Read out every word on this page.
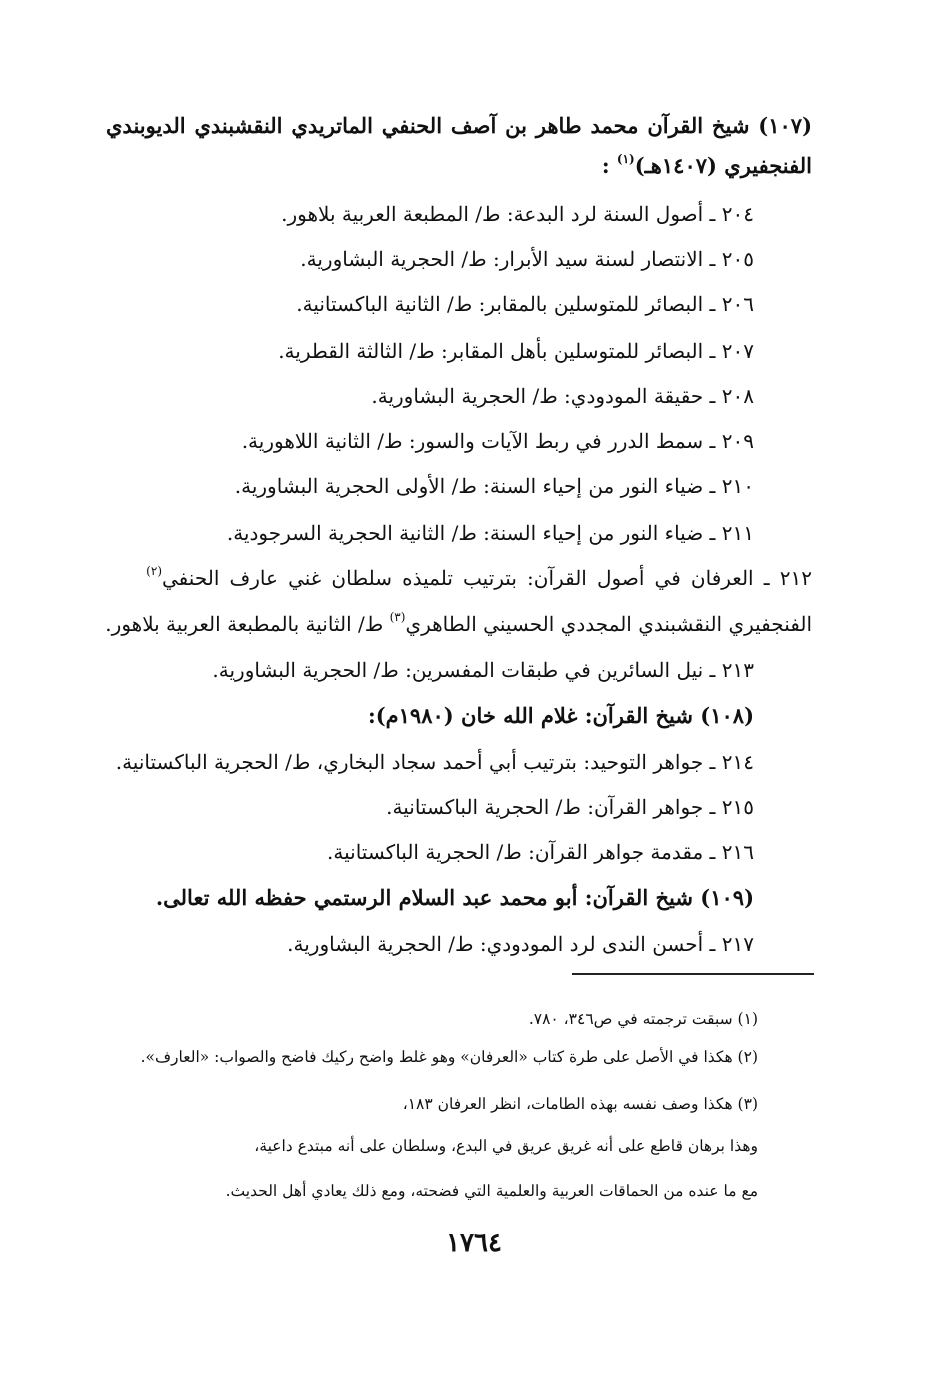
(١٠٧) شيخ القرآن محمد طاهر بن آصف الحنفي الماتريدي النقشبندي الديوبندي
الفنجفيري (١٤٠٧هـ)$^{(١)}$ :
٢٠٤ ـ أصول السنة لرد البدعة: ط/ المطبعة العربية بلاهور.
٢٠٥ ـ الانتصار لسنة سيد الأبرار: ط/ الحجرية البشاورية.
٢٠٦ ـ البصائر للمتوسلين بالمقابر: ط/ الثانية الباكستانية.
٢٠٧ ـ البصائر للمتوسلين بأهل المقابر: ط/ الثالثة القطرية.
٢٠٨ ـ حقيقة المودودي: ط/ الحجرية البشاورية.
٢٠٩ ـ سمط الدرر في ربط الآيات والسور: ط/ الثانية اللاهورية.
٢١٠ ـ ضياء النور من إحياء السنة: ط/ الأولى الحجرية البشاورية.
٢١١ ـ ضياء النور من إحياء السنة: ط/ الثانية الحجرية السرجودية.
٢١٢ ـ العرفان في أصول القرآن: بترتيب تلميذه سلطان غني عارف الحنفي$^{(٢)}$
الفنجفيري النقشبندي المجددي الحسيني الطاهري$^{(٣)}$ ط/ الثانية بالمطبعة العربية بلاهور.
٢١٣ ـ نيل السائرين في طبقات المفسرين: ط/ الحجرية البشاورية.
(١٠٨) شيخ القرآن: غلام الله خان (١٩٨٠م):
٢١٤ ـ جواهر التوحيد: بترتيب أبي أحمد سجاد البخاري، ط/ الحجرية الباكستانية.
٢١٥ ـ جواهر القرآن: ط/ الحجرية الباكستانية.
٢١٦ ـ مقدمة جواهر القرآن: ط/ الحجرية الباكستانية.
(١٠٩) شيخ القرآن: أبو محمد عبد السلام الرستمي حفظه الله تعالى.
٢١٧ ـ أحسن الندى لرد المودودي: ط/ الحجرية البشاورية.
(١) سبقت ترجمته في ص٣٤٦، ٧٨٠.
(٢) هكذا في الأصل على طرة كتاب «العرفان» وهو غلط واضح ركيك فاضح والصواب: «العارف».
(٣) هكذا وصف نفسه بهذه الطامات، انظر العرفان ١٨٣،
وهذا برهان قاطع على أنه غريق عريق في البدع، وسلطان على أنه مبتدع داعية،
مع ما عنده من الحماقات العربية والعلمية التي فضحته، ومع ذلك يعادي أهل الحديث.
١٧٦٤
